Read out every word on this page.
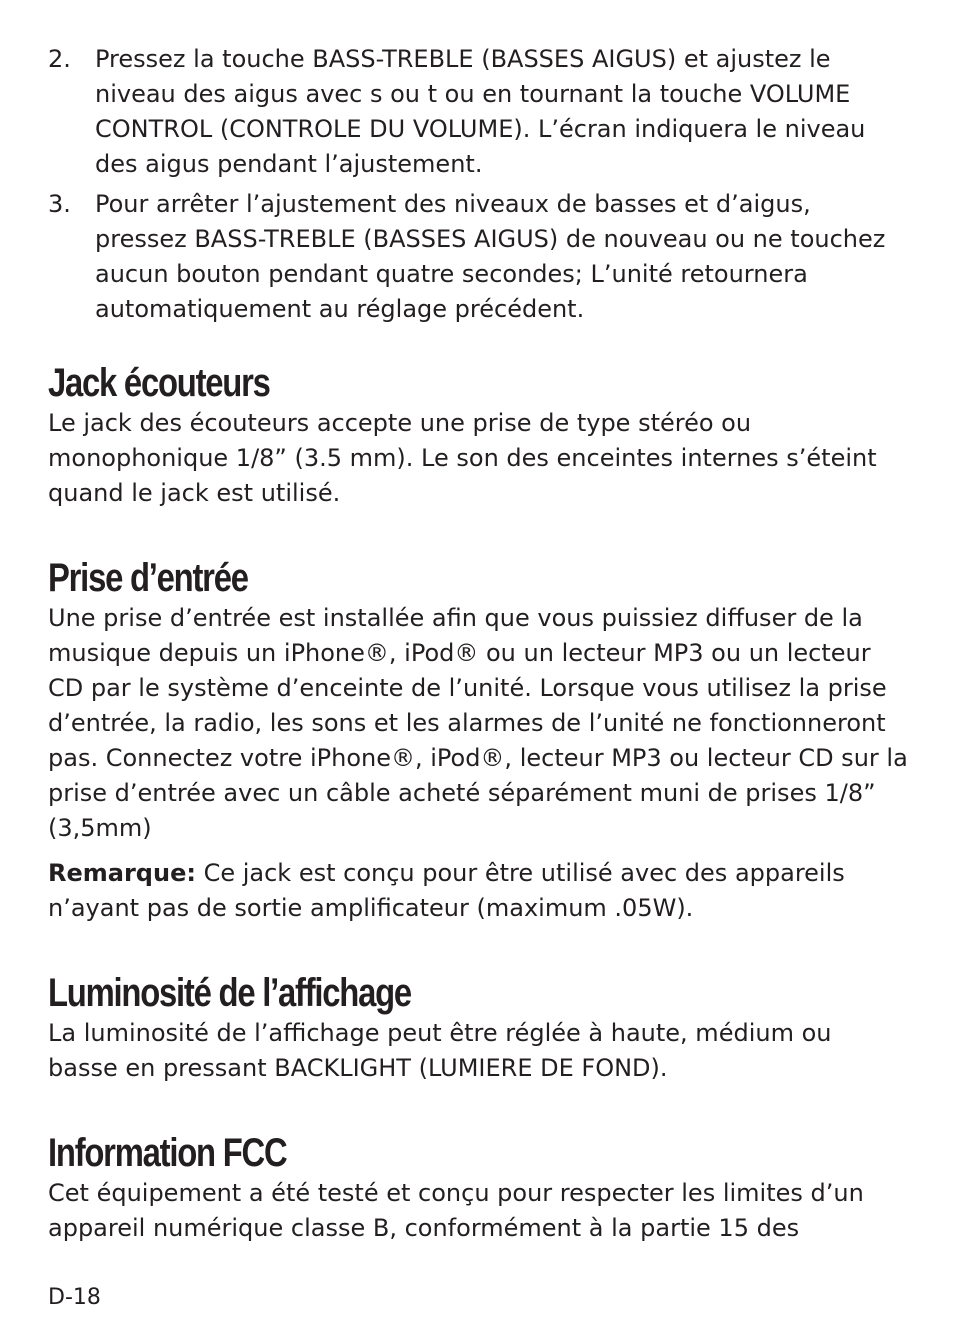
2.	Pressez la touche BASS-TREBLE (BASSES AIGUS) et ajustez le niveau des aigus avec s ou t ou en tournant la touche VOLUME CONTROL (CONTROLE DU VOLUME). L’écran indiquera le niveau des aigus pendant l’ajustement.
3.	Pour arrêter l’ajustement des niveaux de basses et d’aigus, pressez BASS-TREBLE (BASSES AIGUS) de nouveau ou ne touchez aucun bouton pendant quatre secondes; L’unité retournera automatiquement au réglage précédent.
Jack écouteurs

Le jack des écouteurs accepte une prise de type stéréo ou monophonique 1/8” (3.5 mm). Le son des enceintes internes s’éteint quand le jack est utilisé.

Prise d’entrée

Une prise d’entrée est installée afin que vous puissiez diffuser de la musique depuis un iPhone®, iPod® ou un lecteur MP3 ou un lecteur CD par le système d’enceinte de l’unité. Lorsque vous utilisez la prise d’entrée, la radio, les sons et les alarmes de l’unité ne fonctionneront pas. Connectez votre iPhone®, iPod®, lecteur MP3 ou lecteur CD sur la prise d’entrée avec un câble acheté séparément muni de prises 1/8” (3,5mm)

Remarque: Ce jack est conçu pour être utilisé avec des appareils n’ayant pas de sortie amplificateur (maximum .05W).

Luminosité de l’affichage

La luminosité de l’affichage peut être réglée à haute, médium ou basse en pressant BACKLIGHT (LUMIERE DE FOND).

Information FCC

Cet équipement a été testé et conçu pour respecter les limites d’un appareil numérique classe B, conformément à la partie 15 des

D-18
